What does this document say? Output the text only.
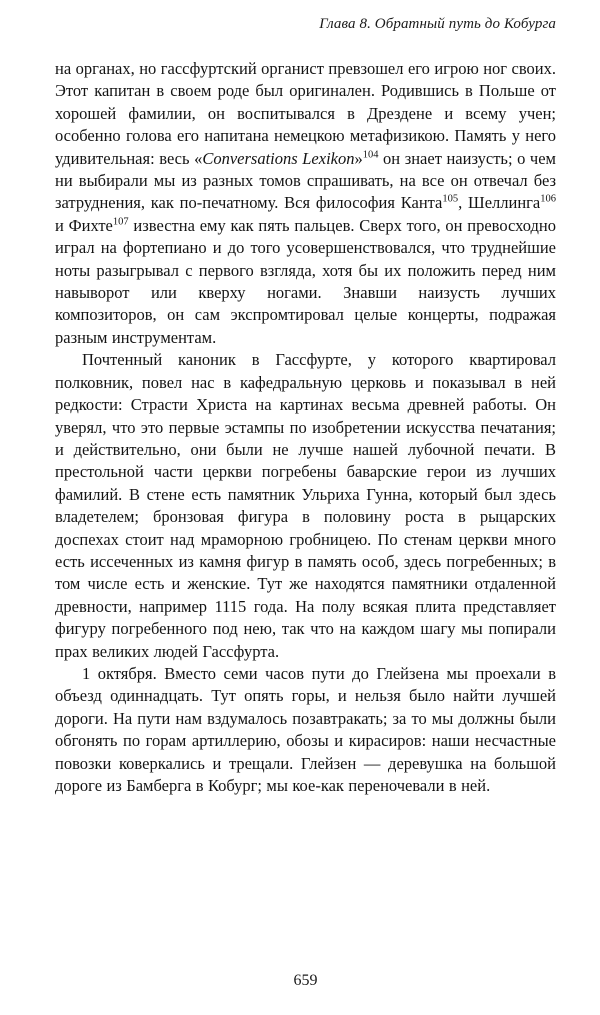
Глава 8. Обратный путь до Кобурга

на органах, но гассфуртский органист превзошел его игрою ног своих. Этот капитан в своем роде был оригинален. Родившись в Польше от хорошей фамилии, он воспитывался в Дрездене и всему учен; особенно голова его напитана немецкою метафизикою. Память у него удивительная: весь «Conversations Lexikon»$^{104}$ он знает наизусть; о чем ни выбирали мы из разных томов спрашивать, на все он отвечал без затруднения, как по-печатному. Вся философия Канта$^{105}$, Шеллинга$^{106}$ и Фихте$^{107}$ известна ему как пять пальцев. Сверх того, он превосходно играл на фортепиано и до того усовершенствовался, что труднейшие ноты разыгрывал с первого взгляда, хотя бы их положить перед ним навыворот или кверху ногами. Знавши наизусть лучших композиторов, он сам экспромтировал целые концерты, подражая разным инструментам.

Почтенный каноник в Гассфурте, у которого квартировал полковник, повел нас в кафедральную церковь и показывал в ней редкости: Страсти Христа на картинах весьма древней работы. Он уверял, что это первые эстампы по изобретении искусства печатания; и действительно, они были не лучше нашей лубочной печати. В престольной части церкви погребены баварские герои из лучших фамилий. В стене есть памятник Ульриха Гунна, который был здесь владетелем; бронзовая фигура в половину роста в рыцарских доспехах стоит над мраморною гробницею. По стенам церкви много есть иссеченных из камня фигур в память особ, здесь погребенных; в том числе есть и женские. Тут же находятся памятники отдаленной древности, например 1115 года. На полу всякая плита представляет фигуру погребенного под нею, так что на каждом шагу мы попирали прах великих людей Гассфурта.

1 октября. Вместо семи часов пути до Глейзена мы проехали в объезд одиннадцать. Тут опять горы, и нельзя было найти лучшей дороги. На пути нам вздумалось позавтракать; за то мы должны были обгонять по горам артиллерию, обозы и кирасиров: наши несчастные повозки коверкались и трещали. Глейзен — деревушка на большой дороге из Бамберга в Кобург; мы кое-как переночевали в ней.

659
